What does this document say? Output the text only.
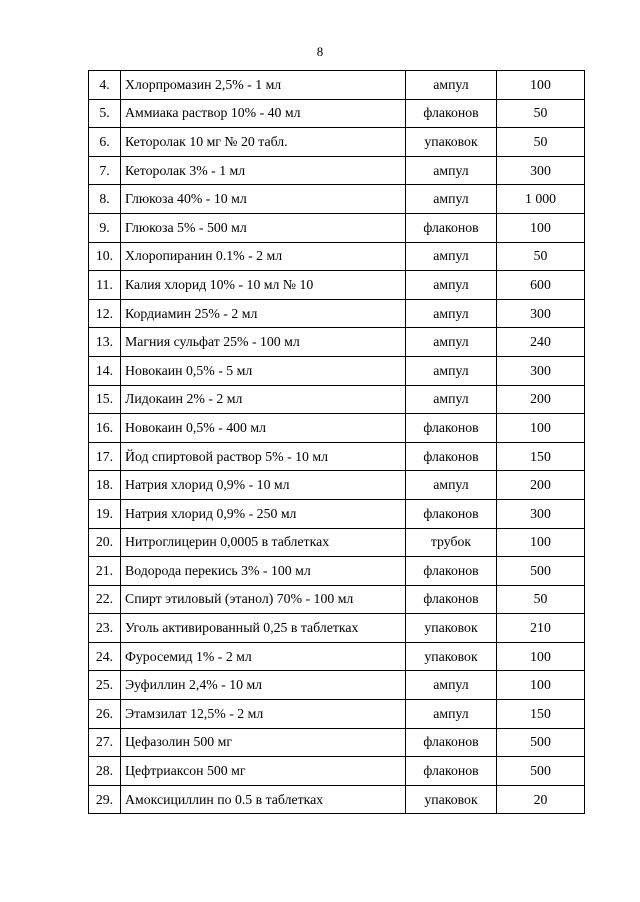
8
4.	Хлорпромазин 2,5% - 1 мл	ампул	100
5.	Аммиака раствор 10% - 40 мл	флаконов	50
6.	Кеторолак 10 мг № 20 табл.	упаковок	50
7.	Кеторолак 3% - 1 мл	ампул	300
8.	Глюкоза 40% - 10 мл	ампул	1 000
9.	Глюкоза 5% - 500 мл	флаконов	100
10.	Хлоропиранин 0.1% - 2 мл	ампул	50
11.	Калия хлорид 10% - 10 мл № 10	ампул	600
12.	Кордиамин 25% - 2 мл	ампул	300
13.	Магния сульфат 25% - 100 мл	ампул	240
14.	Новокаин 0,5% - 5 мл	ампул	300
15.	Лидокаин 2% - 2 мл	ампул	200
16.	Новокаин 0,5% - 400 мл	флаконов	100
17.	Йод спиртовой раствор 5% - 10 мл	флаконов	150
18.	Натрия хлорид 0,9% - 10 мл	ампул	200
19.	Натрия хлорид 0,9% - 250 мл	флаконов	300
20.	Нитроглицерин 0,0005 в таблетках	трубок	100
21.	Водорода перекись 3% - 100 мл	флаконов	500
22.	Спирт этиловый (этанол) 70% - 100 мл	флаконов	50
23.	Уголь активированный 0,25 в таблетках	упаковок	210
24.	Фуросемид 1% - 2 мл	упаковок	100
25.	Эуфиллин 2,4% - 10 мл	ампул	100
26.	Этамзилат 12,5% - 2 мл	ампул	150
27.	Цефазолин 500 мг	флаконов	500
28.	Цефтриаксон 500 мг	флаконов	500
29.	Амоксициллин по 0.5 в таблетках	упаковок	20
